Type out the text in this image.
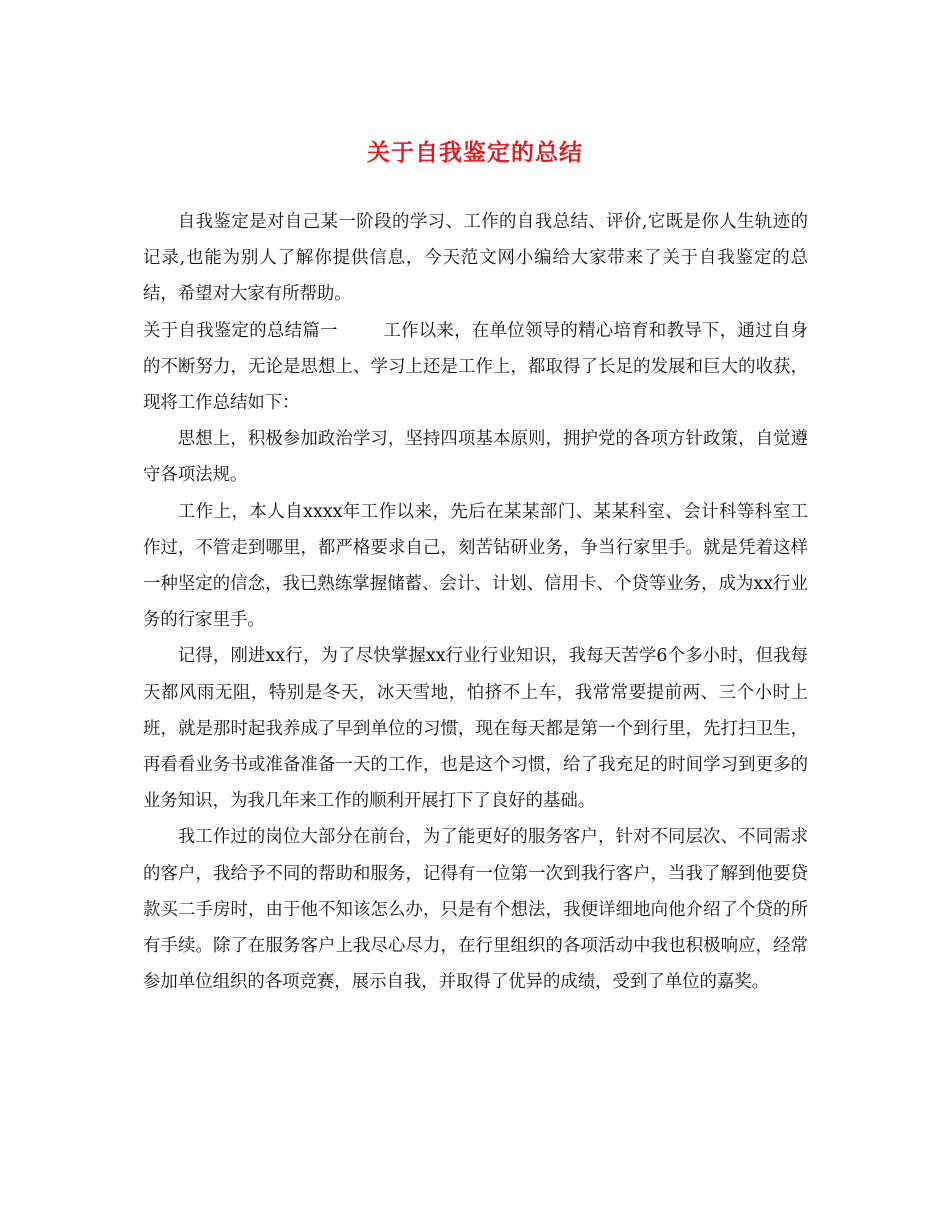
关于自我鉴定的总结

自我鉴定是对自己某一阶段的学习、工作的自我总结、评价,它既是你人生轨迹的记录,也能为别人了解你提供信息，今天范文网小编给大家带来了关于自我鉴定的总结，希望对大家有所帮助。

关于自我鉴定的总结篇一	工作以来，在单位领导的精心培育和教导下，通过自身的不断努力，无论是思想上、学习上还是工作上，都取得了长足的发展和巨大的收获，现将工作总结如下：

思想上，积极参加政治学习，坚持四项基本原则，拥护党的各项方针政策，自觉遵守各项法规。

工作上，本人自xxxx年工作以来，先后在某某部门、某某科室、会计科等科室工作过，不管走到哪里，都严格要求自己，刻苦钻研业务，争当行家里手。就是凭着这样一种坚定的信念，我已熟练掌握储蓄、会计、计划、信用卡、个贷等业务，成为xx行业务的行家里手。

记得，刚进xx行，为了尽快掌握xx行业行业知识，我每天苦学6个多小时，但我每天都风雨无阻，特别是冬天，冰天雪地，怕挤不上车，我常常要提前两、三个小时上班，就是那时起我养成了早到单位的习惯，现在每天都是第一个到行里，先打扫卫生，再看看业务书或准备准备一天的工作，也是这个习惯，给了我充足的时间学习到更多的业务知识，为我几年来工作的顺利开展打下了良好的基础。

我工作过的岗位大部分在前台，为了能更好的服务客户，针对不同层次、不同需求的客户，我给予不同的帮助和服务，记得有一位第一次到我行客户，当我了解到他要贷款买二手房时，由于他不知该怎么办，只是有个想法，我便详细地向他介绍了个贷的所有手续。除了在服务客户上我尽心尽力，在行里组织的各项活动中我也积极响应，经常参加单位组织的各项竞赛，展示自我，并取得了优异的成绩，受到了单位的嘉奖。
